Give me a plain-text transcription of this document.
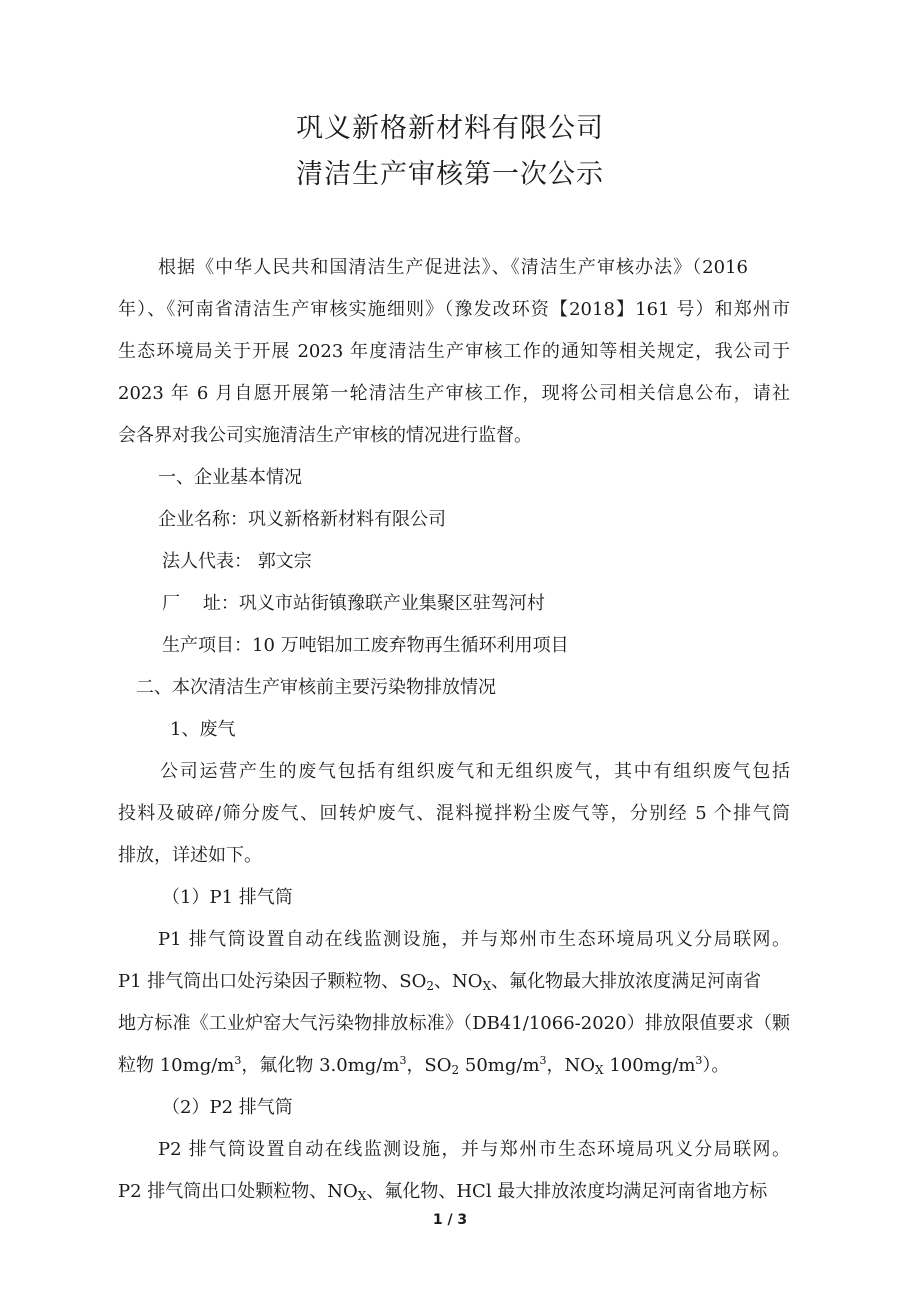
巩义新格新材料有限公司
清洁生产审核第一次公示
根据《中华人民共和国清洁生产促进法》、《清洁生产审核办法》（2016
年）、《河南省清洁生产审核实施细则》（豫发改环资【2018】161 号）和郑州市
生态环境局关于开展 2023 年度清洁生产审核工作的通知等相关规定，我公司于
2023 年 6 月自愿开展第一轮清洁生产审核工作，现将公司相关信息公布，请社
会各界对我公司实施清洁生产审核的情况进行监督。
一、企业基本情况
企业名称：巩义新格新材料有限公司
法人代表： 郭文宗
厂    址：巩义市站街镇豫联产业集聚区驻驾河村
生产项目：10 万吨铝加工废弃物再生循环利用项目
二、本次清洁生产审核前主要污染物排放情况
1、废气
公司运营产生的废气包括有组织废气和无组织废气，其中有组织废气包括
投料及破碎/筛分废气、回转炉废气、混料搅拌粉尘废气等，分别经 5 个排气筒
排放，详述如下。
（1）P1 排气筒
P1 排气筒设置自动在线监测设施，并与郑州市生态环境局巩义分局联网。
P1 排气筒出口处污染因子颗粒物、$SO_2$、$NO_X$、氟化物最大排放浓度满足河南省
地方标准《工业炉窑大气污染物排放标准》（DB41/1066-2020）排放限值要求（颗
粒物 $10mg/m^3$，氟化物 $3.0mg/m^3$，$SO_2$ $50mg/m^3$，$NO_X$ $100mg/m^3$）。
（2）P2 排气筒
P2 排气筒设置自动在线监测设施，并与郑州市生态环境局巩义分局联网。
P2 排气筒出口处颗粒物、$NO_X$、氟化物、HCl 最大排放浓度均满足河南省地方标
1 / 3
